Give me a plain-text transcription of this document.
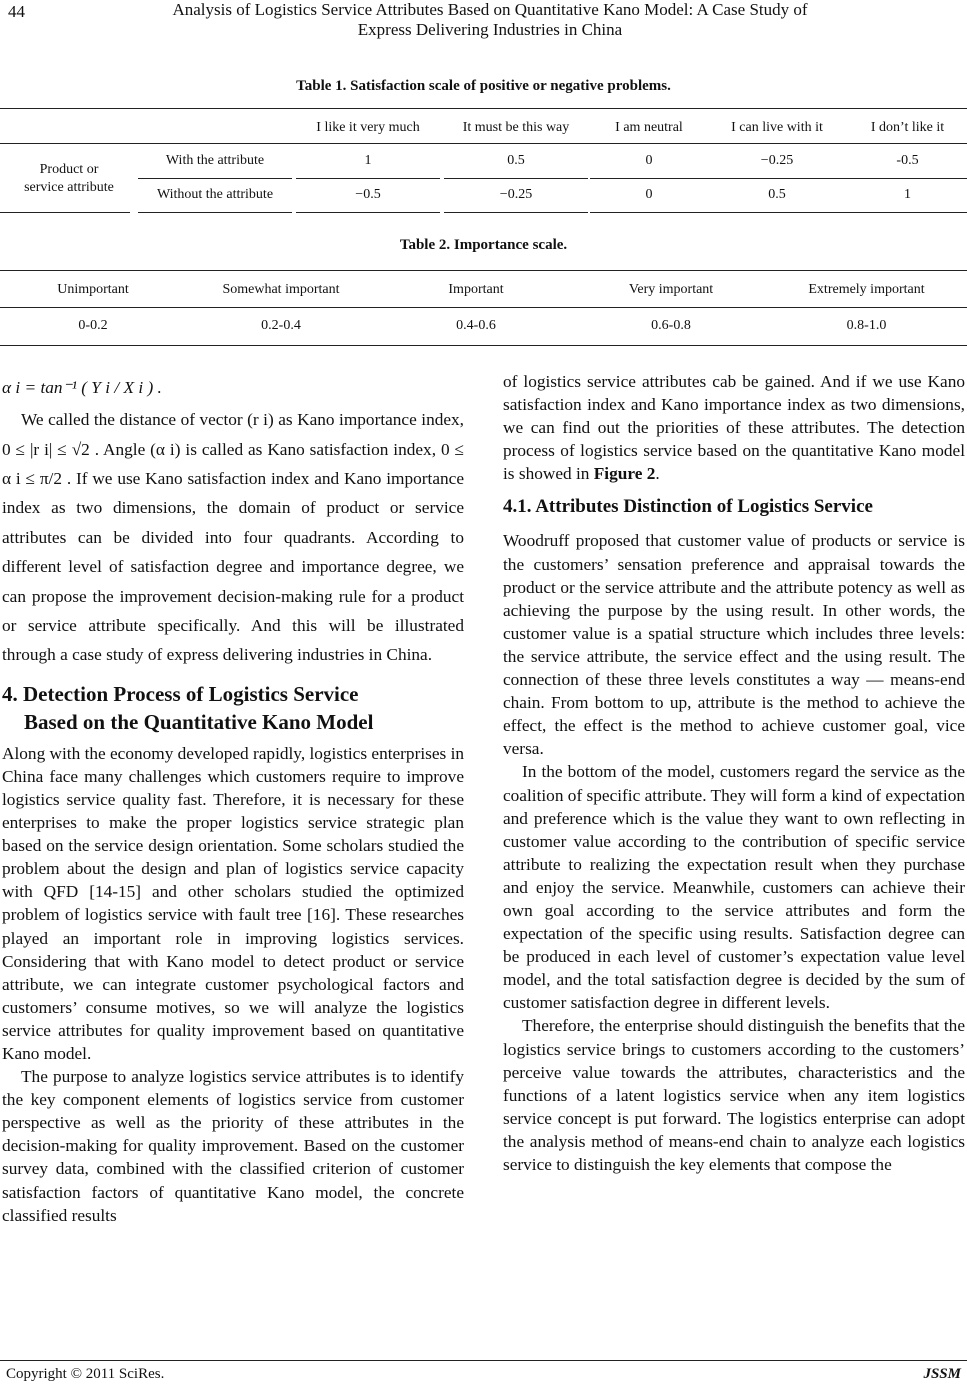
44	Analysis of Logistics Service Attributes Based on Quantitative Kano Model: A Case Study of
Express Delivering Industries in China
Table 1. Satisfaction scale of positive or negative problems.
I like it very much	It must be this way	I am neutral	I can live with it	I don’t like it
Product or
service attribute
With the attribute	1	0.5	0	−0.25	-0.5
Without the attribute	−0.5	−0.25	0	0.5	1
Table 2. Importance scale.
Unimportant	Somewhat important	Important	Very important	Extremely important
0-0.2	0.2-0.4	0.4-0.6	0.6-0.8	0.8-1.0

α i = tan⁻¹ ( Y i / X i ) .

We called the distance of vector (r i) as Kano importance index, 0 ≤ |r i| ≤ √2 . Angle (α i) is called as Kano satisfaction index, 0 ≤ α i ≤ π/2 . If we use Kano satisfaction index and Kano importance index as two dimensions, the domain of product or service attributes can be divided into four quadrants. According to different level of satisfaction degree and importance degree, we can propose the improvement decision-making rule for a product or service attribute specifically. And this will be illustrated through a case study of express delivering industries in China.

4. Detection Process of Logistics Service
Based on the Quantitative Kano Model

Along with the economy developed rapidly, logistics enterprises in China face many challenges which customers require to improve logistics service quality fast. Therefore, it is necessary for these enterprises to make the proper logistics service strategic plan based on the service design orientation. Some scholars studied the problem about the design and plan of logistics service capacity with QFD [14-15] and other scholars studied the optimized problem of logistics service with fault tree [16]. These researches played an important role in improving logistics services. Considering that with Kano model to detect product or service attribute, we can integrate customer psychological factors and customers’ consume motives, so we will analyze the logistics service attributes for quality improvement based on quantitative Kano model.

The purpose to analyze logistics service attributes is to identify the key component elements of logistics service from customer perspective as well as the priority of these attributes in the decision-making for quality improvement. Based on the customer survey data, combined with the classified criterion of customer satisfaction factors of quantitative Kano model, the concrete classified results

of logistics service attributes cab be gained. And if we use Kano satisfaction index and Kano importance index as two dimensions, we can find out the priorities of these attributes. The detection process of logistics service based on the quantitative Kano model is showed in Figure 2.

4.1. Attributes Distinction of Logistics Service

Woodruff proposed that customer value of products or service is the customers’ sensation preference and appraisal towards the product or the service attribute and the attribute potency as well as achieving the purpose by the using result. In other words, the customer value is a spatial structure which includes three levels: the service attribute, the service effect and the using result. The connection of these three levels constitutes a way — means-end chain. From bottom to up, attribute is the method to achieve the effect, the effect is the method to achieve customer goal, vice versa.

In the bottom of the model, customers regard the service as the coalition of specific attribute. They will form a kind of expectation and preference which is the value they want to own reflecting in customer value according to the contribution of specific service attribute to realizing the expectation result when they purchase and enjoy the service. Meanwhile, customers can achieve their own goal according to the service attributes and form the expectation of the specific using results. Satisfaction degree can be produced in each level of customer’s expectation value level model, and the total satisfaction degree is decided by the sum of customer satisfaction degree in different levels.

Therefore, the enterprise should distinguish the benefits that the logistics service brings to customers according to the customers’ perceive value towards the attributes, characteristics and the functions of a latent logistics service when any item logistics service concept is put forward. The logistics enterprise can adopt the analysis method of means-end chain to analyze each logistics service to distinguish the key elements that compose the

Copyright © 2011 SciRes.	JSSM
